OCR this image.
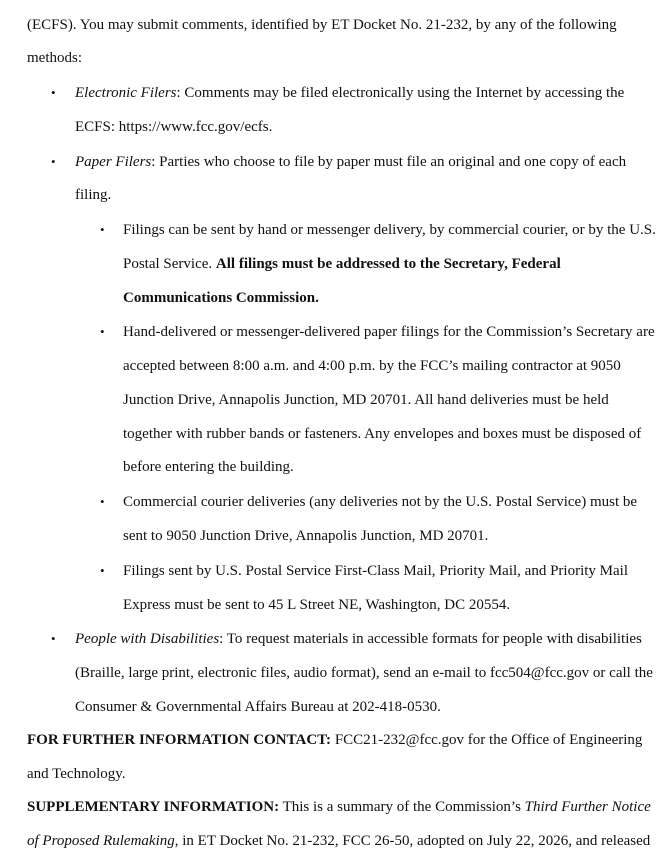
(ECFS). You may submit comments, identified by ET Docket No. 21-232, by any of the following
methods:
• Electronic Filers: Comments may be filed electronically using the Internet by accessing the
ECFS: https://www.fcc.gov/ecfs.
• Paper Filers: Parties who choose to file by paper must file an original and one copy of each
filing.
• Filings can be sent by hand or messenger delivery, by commercial courier, or by the U.S.
Postal Service. All filings must be addressed to the Secretary, Federal
Communications Commission.
• Hand-delivered or messenger-delivered paper filings for the Commission’s Secretary are
accepted between 8:00 a.m. and 4:00 p.m. by the FCC’s mailing contractor at 9050
Junction Drive, Annapolis Junction, MD 20701. All hand deliveries must be held
together with rubber bands or fasteners. Any envelopes and boxes must be disposed of
before entering the building.
• Commercial courier deliveries (any deliveries not by the U.S. Postal Service) must be
sent to 9050 Junction Drive, Annapolis Junction, MD 20701.
• Filings sent by U.S. Postal Service First-Class Mail, Priority Mail, and Priority Mail
Express must be sent to 45 L Street NE, Washington, DC 20554.
• People with Disabilities: To request materials in accessible formats for people with disabilities
(Braille, large print, electronic files, audio format), send an e-mail to fcc504@fcc.gov or call the
Consumer & Governmental Affairs Bureau at 202-418-0530.
FOR FURTHER INFORMATION CONTACT: FCC21-232@fcc.gov for the Office of Engineering
and Technology.
SUPPLEMENTARY INFORMATION: This is a summary of the Commission’s Third Further Notice
of Proposed Rulemaking, in ET Docket No. 21-232, FCC 26-50, adopted on July 22, 2026, and released
